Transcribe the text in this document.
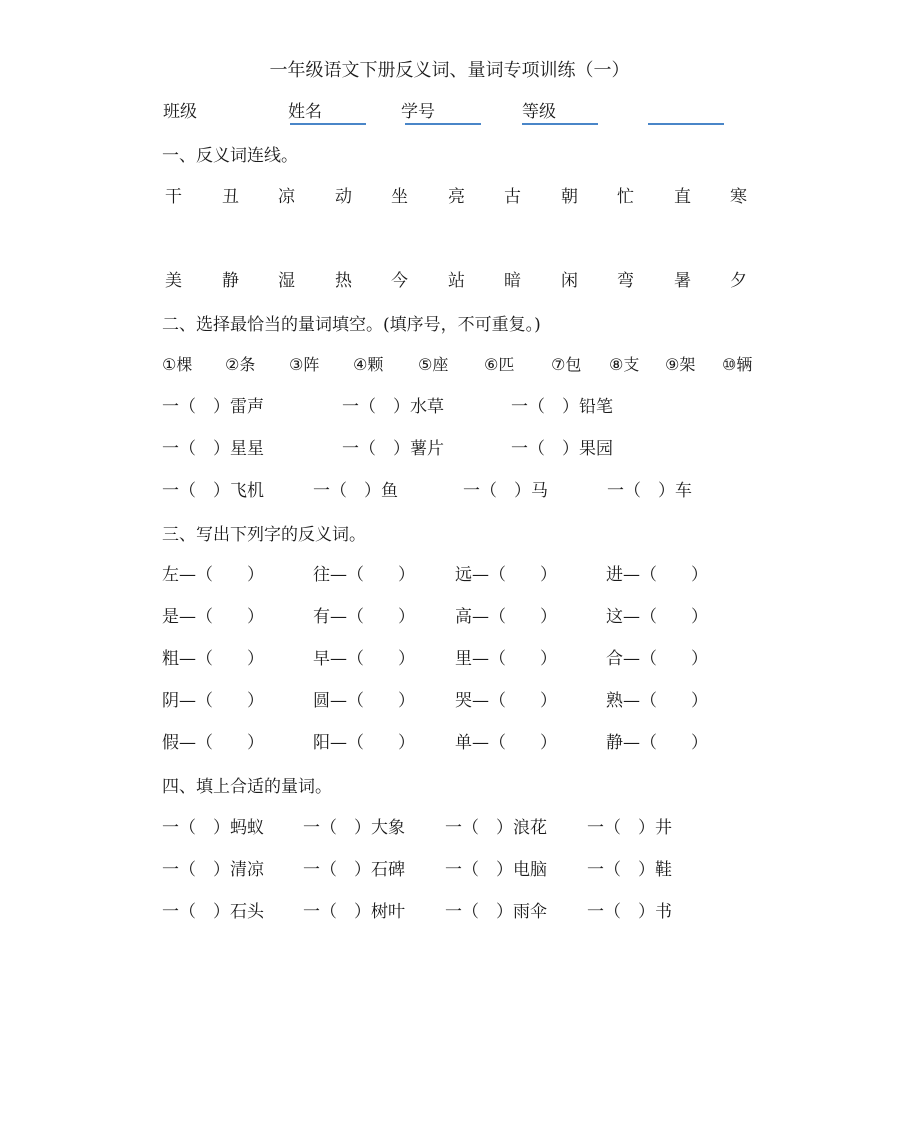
一年级语文下册反义词、量词专项训练（一）
班级	姓名	学号	等级
一、反义词连线。
干 丑 凉 动 坐 亮 古 朝 忙 直 寒
美 静 湿 热 今 站 暗 闲 弯 暑 夕
二、选择最恰当的量词填空。(填序号，不可重复。)
①棵 ②条 ③阵 ④颗 ⑤座 ⑥匹 ⑦包 ⑧支 ⑨架 ⑩辆
一（　）雷声	一（　）水草	一（　）铅笔
一（　）星星	一（　）薯片	一（　）果园
一（　）飞机	一（　）鱼	一（　）马	一（　）车
三、写出下列字的反义词。
左—（　　）	往—（　　） 远—（　　）	进—（　　）
是—（　　）	有—（　　） 高—（　　）	这—（　　）
粗—（　　）	早—（　　） 里—（　　）	合—（　　）
阴—（　　）	圆—（　　） 哭—（　　）	熟—（　　）
假—（　　）	阳—（　　） 单—（　　）	静—（　　）
四、填上合适的量词。
一（　）蚂蚁 一（　）大象 一（　）浪花 一（　）井
一（　）清凉 一（　）石碑 一（　）电脑 一（　）鞋
一（　）石头 一（　）树叶 一（　）雨伞 一（　）书
